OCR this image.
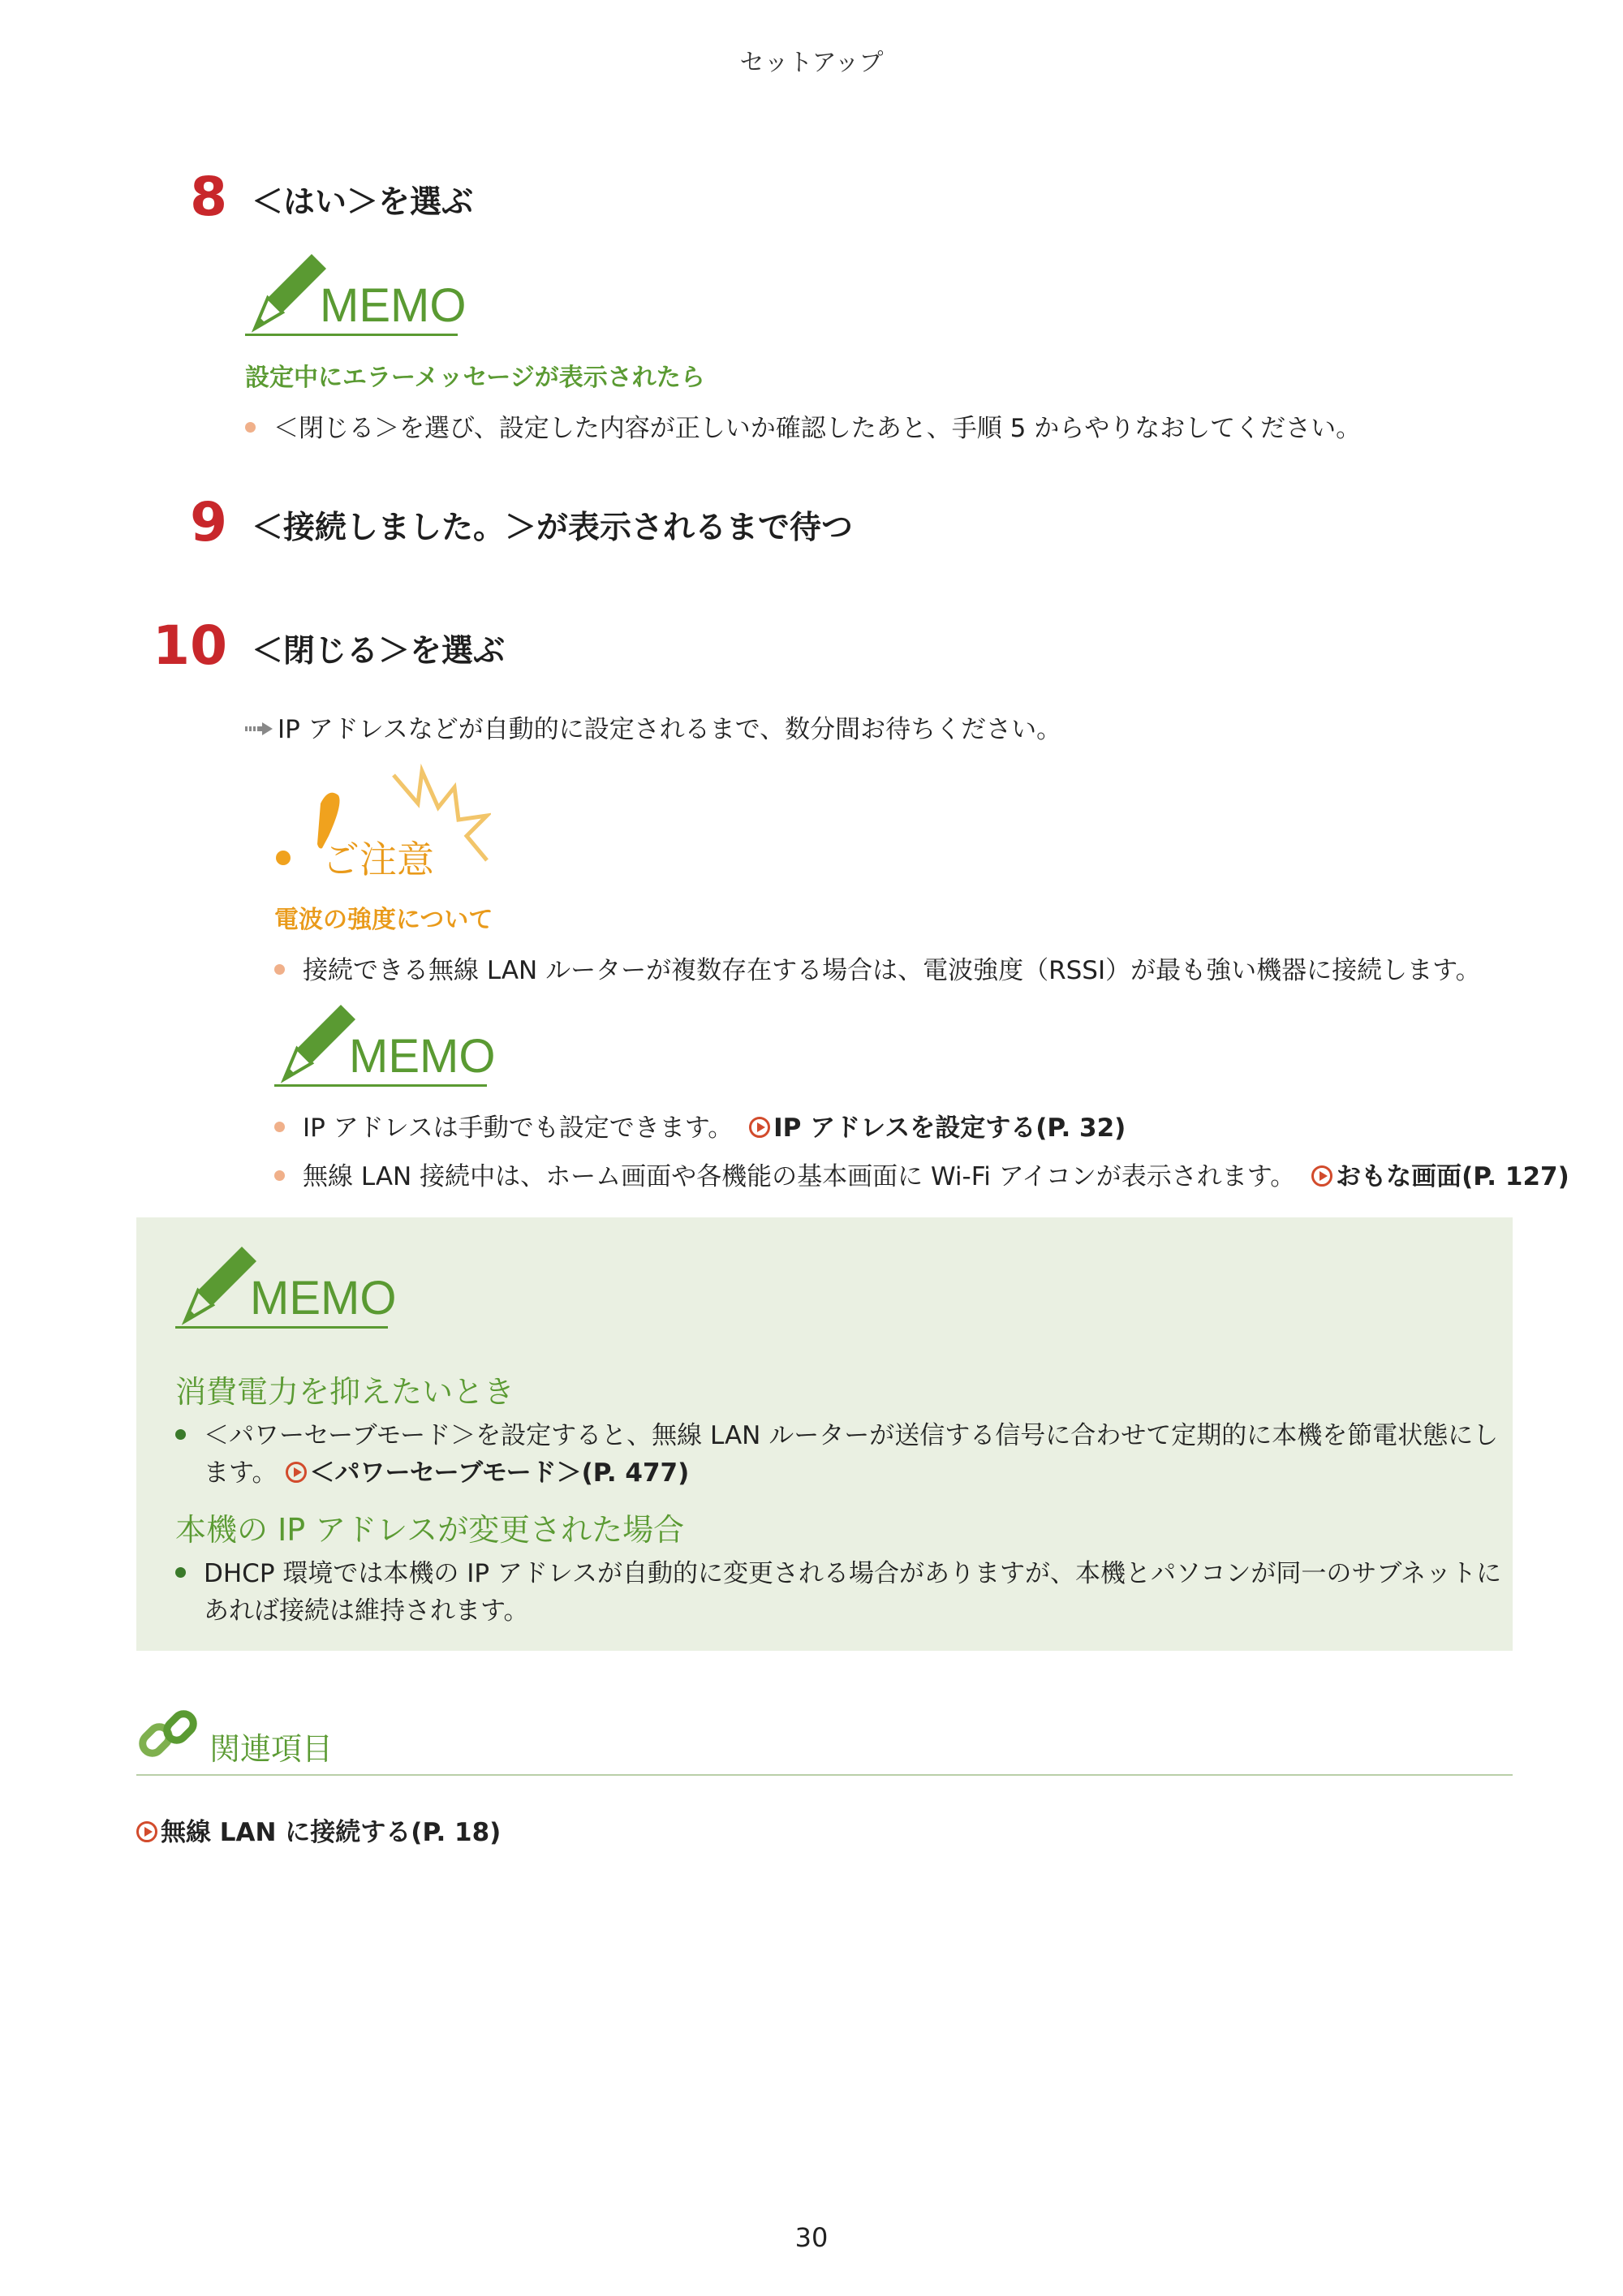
セットアップ
8 ＜はい＞を選ぶ
MEMO
設定中にエラーメッセージが表示されたら
＜閉じる＞を選び、設定した内容が正しいか確認したあと、手順 5 からやりなおしてください。
9 ＜接続しました。＞が表示されるまで待つ
10 ＜閉じる＞を選ぶ
IP アドレスなどが自動的に設定されるまで、数分間お待ちください。
ご注意
電波の強度について
接続できる無線 LAN ルーターが複数存在する場合は、電波強度（RSSI）が最も強い機器に接続します。
MEMO
IP アドレスは手動でも設定できます。 IP アドレスを設定する(P. 32)
無線 LAN 接続中は、ホーム画面や各機能の基本画面に Wi-Fi アイコンが表示されます。 おもな画面(P. 127)
MEMO
消費電力を抑えたいとき
＜パワーセーブモード＞を設定すると、無線 LAN ルーターが送信する信号に合わせて定期的に本機を節電状態にし
ます。 ＜パワーセーブモード＞(P. 477)
本機の IP アドレスが変更された場合
DHCP 環境では本機の IP アドレスが自動的に変更される場合がありますが、本機とパソコンが同一のサブネットに
あれば接続は維持されます。
関連項目
無線 LAN に接続する(P. 18)
30
